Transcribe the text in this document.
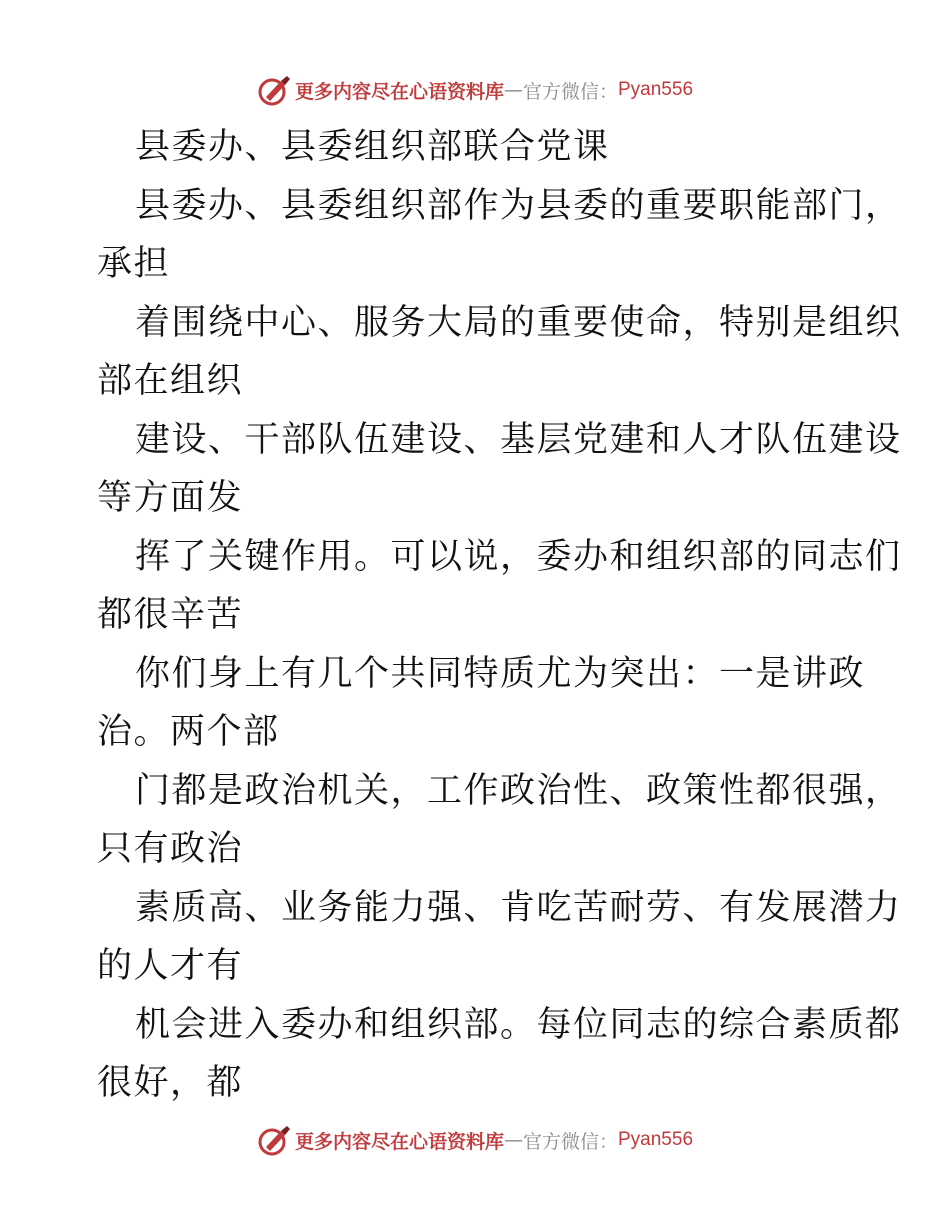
更多内容尽在心语资料库 — 官方微信： Pyan556
县委办、县委组织部联合党课
县委办、县委组织部作为县委的重要职能部门，
承担
着围绕中心、服务大局的重要使命，特别是组织
部在组织
建设、干部队伍建设、基层党建和人才队伍建设
等方面发
挥了关键作用。可以说，委办和组织部的同志们
都很辛苦
你们身上有几个共同特质尤为突出：一是讲政
治。两个部
门都是政治机关，工作政治性、政策性都很强，
只有政治
素质高、业务能力强、肯吃苦耐劳、有发展潜力
的人才有
机会进入委办和组织部。每位同志的综合素质都
很好，都
更多内容尽在心语资料库 — 官方微信： Pyan556
